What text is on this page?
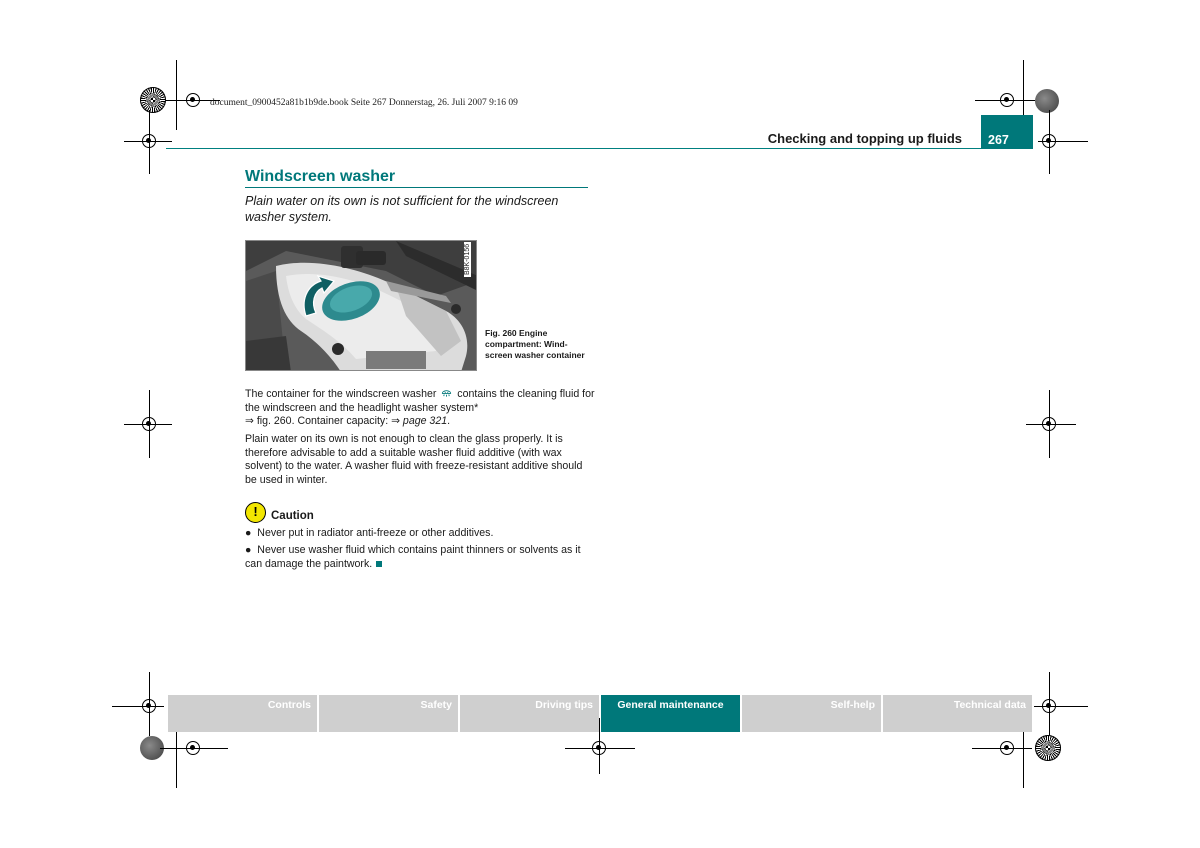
document_0900452a81b1b9de.book Seite 267 Donnerstag, 26. Juli 2007 9:16 09
Checking and topping up fluids	267
Windscreen washer
Plain water on its own is not sufficient for the windscreen washer system.
B8K-0156
Fig. 260 Engine compartment: Wind-screen washer container
The container for the windscreen washer contains the cleaning fluid for the windscreen and the headlight washer system*
⇒ fig. 260. Container capacity: ⇒ page 321.
Plain water on its own is not enough to clean the glass properly. It is therefore advisable to add a suitable washer fluid additive (with wax solvent) to the water. A washer fluid with freeze-resistant additive should be used in winter.
!	Caution
●  Never put in radiator anti-freeze or other additives.
●  Never use washer fluid which contains paint thinners or solvents as it can damage the paintwork.
Controls	Safety	Driving tips	General maintenance	Self-help	Technical data
